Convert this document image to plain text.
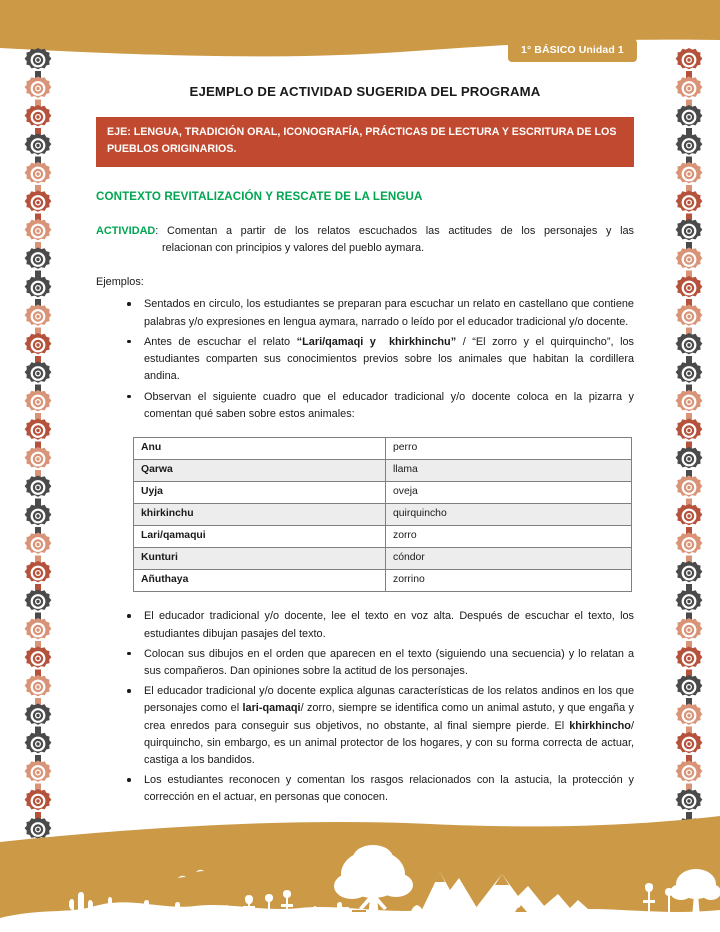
1° BÁSICO Unidad 1
EJEMPLO DE ACTIVIDAD SUGERIDA DEL PROGRAMA
EJE: LENGUA, TRADICIÓN ORAL, ICONOGRAFÍA, PRÁCTICAS DE LECTURA Y ESCRITURA DE LOS PUEBLOS ORIGINARIOS.
CONTEXTO REVITALIZACIÓN Y RESCATE DE LA LENGUA
ACTIVIDAD: Comentan a partir de los relatos escuchados las actitudes de los personajes y las
relacionan con principios y valores del pueblo aymara.
Ejemplos:
Sentados en circulo, los estudiantes se preparan para escuchar un relato en castellano que contiene palabras y/o expresiones en lengua aymara, narrado o leído por el educador tradicional y/o docente.
Antes de escuchar el relato “Lari/qamaqi y  khirkhinchu” / “El zorro y el quirquincho”, los estudiantes comparten sus conocimientos previos sobre los animales que habitan la cordillera andina.
Observan el siguiente cuadro que el educador tradicional y/o docente coloca en la pizarra y comentan qué saben sobre estos animales:
Anu	perro
Qarwa	llama
Uyja	oveja
khirkinchu	quirquincho
Lari/qamaqui	zorro
Kunturi	cóndor
Añuthaya	zorrino
El educador tradicional y/o docente, lee el texto en voz alta. Después de escuchar el texto, los estudiantes dibujan pasajes del texto.
Colocan sus dibujos en el orden que aparecen en el texto (siguiendo una secuencia) y lo relatan a sus compañeros. Dan opiniones sobre la actitud de los personajes.
El educador tradicional y/o docente explica algunas características de los relatos andinos en los que personajes como el lari-qamaqi/ zorro, siempre se identifica como un animal astuto, y que engaña y crea enredos para conseguir sus objetivos, no obstante, al final siempre pierde. El khirkhincho/ quirquincho, sin embargo, es un animal protector de los hogares, y con su forma correcta de actuar, castiga a los bandidos.
Los estudiantes reconocen y comentan los rasgos relacionados con la astucia, la protección y corrección en el actuar, en personas que conocen.
